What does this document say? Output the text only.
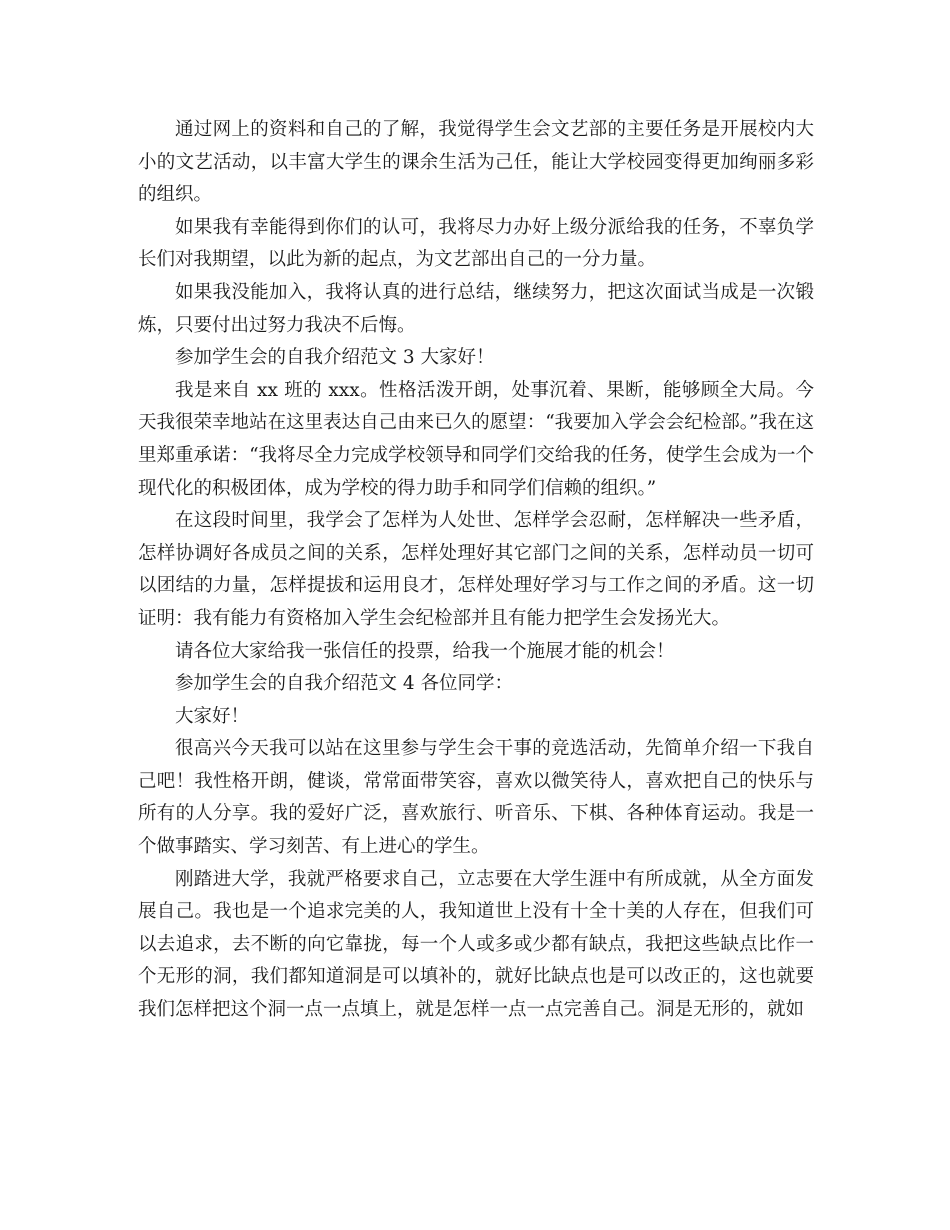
通过网上的资料和自己的了解，我觉得学生会文艺部的主要任务是开展校内大小的文艺活动，以丰富大学生的课余生活为己任，能让大学校园变得更加绚丽多彩的组织。

如果我有幸能得到你们的认可，我将尽力办好上级分派给我的任务，不辜负学长们对我期望，以此为新的起点，为文艺部出自己的一分力量。

如果我没能加入，我将认真的进行总结，继续努力，把这次面试当成是一次锻炼，只要付出过努力我决不后悔。

参加学生会的自我介绍范文 3 大家好！

我是来自 xx 班的 xxx。性格活泼开朗，处事沉着、果断，能够顾全大局。今天我很荣幸地站在这里表达自己由来已久的愿望：“我要加入学会会纪检部。”我在这里郑重承诺：“我将尽全力完成学校领导和同学们交给我的任务，使学生会成为一个现代化的积极团体，成为学校的得力助手和同学们信赖的组织。”

在这段时间里，我学会了怎样为人处世、怎样学会忍耐，怎样解决一些矛盾，怎样协调好各成员之间的关系，怎样处理好其它部门之间的关系，怎样动员一切可以团结的力量，怎样提拔和运用良才，怎样处理好学习与工作之间的矛盾。这一切证明：我有能力有资格加入学生会纪检部并且有能力把学生会发扬光大。

请各位大家给我一张信任的投票，给我一个施展才能的机会！

参加学生会的自我介绍范文 4 各位同学：

大家好！

很高兴今天我可以站在这里参与学生会干事的竞选活动，先简单介绍一下我自己吧！我性格开朗，健谈，常常面带笑容，喜欢以微笑待人，喜欢把自己的快乐与所有的人分享。我的爱好广泛，喜欢旅行、听音乐、下棋、各种体育运动。我是一个做事踏实、学习刻苦、有上进心的学生。

刚踏进大学，我就严格要求自己，立志要在大学生涯中有所成就，从全方面发展自己。我也是一个追求完美的人，我知道世上没有十全十美的人存在，但我们可以去追求，去不断的向它靠拢，每一个人或多或少都有缺点，我把这些缺点比作一个无形的洞，我们都知道洞是可以填补的，就好比缺点也是可以改正的，这也就要我们怎样把这个洞一点一点填上，就是怎样一点一点完善自己。洞是无形的，就如
